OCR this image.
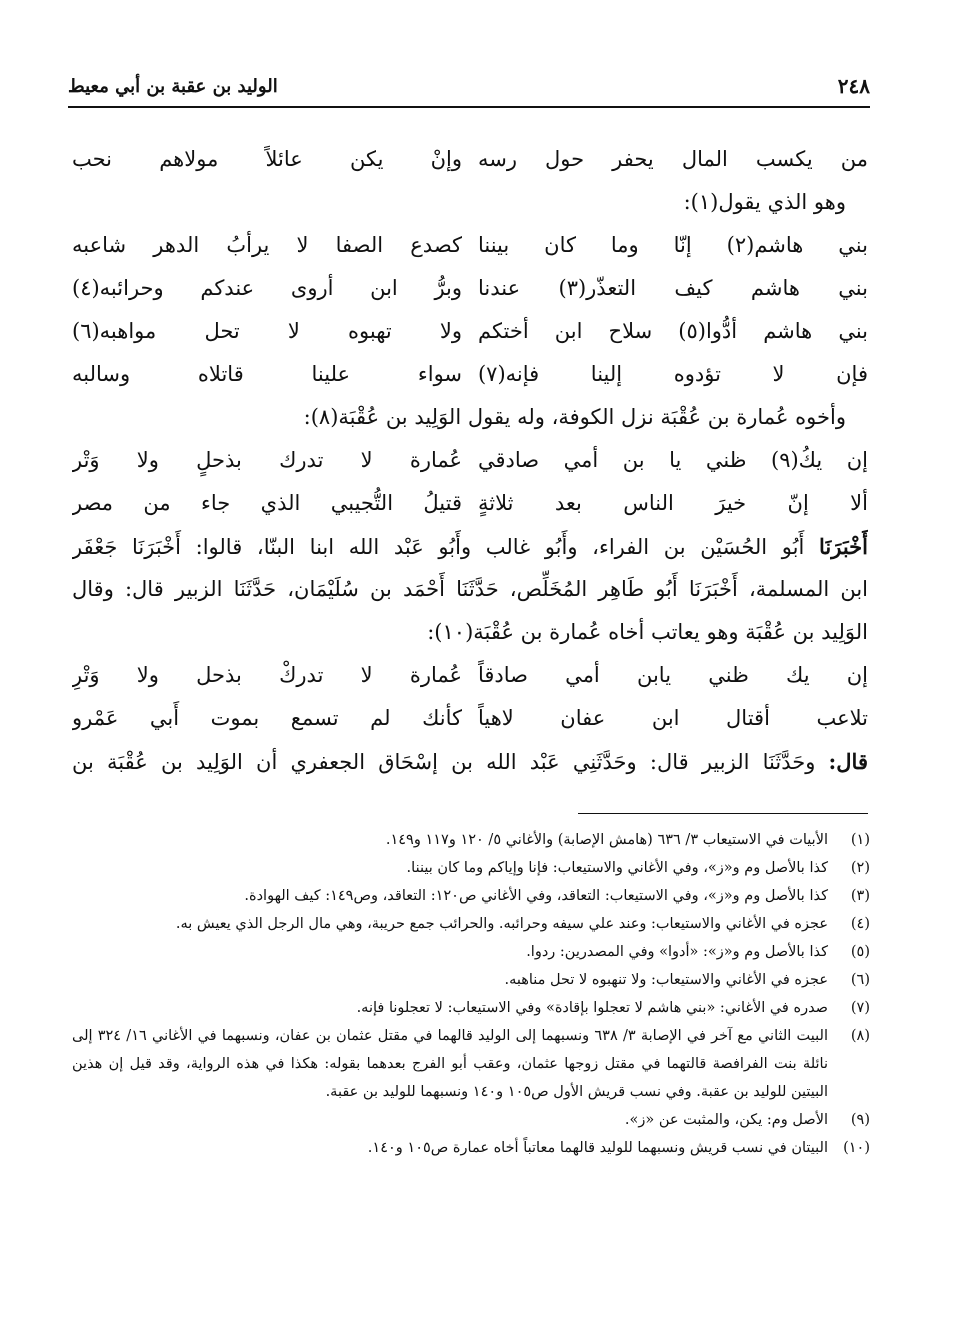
٢٤٨
الوليد بن عقبة بن أبي معيط
من يكسب المال يحفر حول رسه
وإنْ يكن عائلاً مولاهم نحب

وهو الذي يقول(١):

بني هاشم(٢) إنّا وما كان بيننا
كصدع الصفا لا يرأبُ الدهر شاعبه
بني هاشم كيف التعذّر(٣) عندنا
وبرُّ ابن أروى عندكم وحرائبه(٤)
بني هاشم أدُّوا(٥) سلاح ابن أختكم
ولا تهبوه لا تحل مواهبه(٦)
فإن لا تؤدوه إلينا فإنه(٧)
سواء علينا قاتلاه وسالبه

وأخوه عُمارة بن عُقْبَة نزل الكوفة، وله يقول الوَلِيد بن عُقْبَة(٨):

إن يكُ(٩) ظني يا بن أمي صادقي
عُمارة لا تدرك بذحلٍ ولا وَتْر
ألا إنّ خيرَ الناس بعد ثلاثةٍ
قتيلُ التُّجيبي الذي جاء من مصر

أَخْبَرَنَا أَبُو الحُسَيْن بن الفراء، وأَبُو غالب وأَبُو عَبْد الله ابنا البنّا، قالوا: أَخْبَرَنَا جَعْفَر

ابن المسلمة، أَخْبَرَنَا أَبُو طَاهِر المُخَلِّص، حَدَّثَنَا أَحْمَد بن سُلَيْمَان، حَدَّثَنَا الزبير قال: وقال

الوَلِيد بن عُقْبَة وهو يعاتب أخاه عُمارة بن عُقْبَة(١٠):

إن يك ظني يابن أمي صادقاً
عُمارة لا تدركْ بذحل ولا وَتْرِ
تلاعب أقتال ابن عفان لاهياً
كأنك لم تسمع بموت أَبي عَمْرو

قال: وحَدَّثَنَا الزبير قال: وحَدَّثَنِي عَبْد الله بن إسْحَاق الجعفري أن الوَلِيد بن عُقْبَة بن

(١)
الأبيات في الاستيعاب ٣/ ٦٣٦ (هامش الإصابة) والأغاني ٥/ ١٢٠ و١١٧ و١٤٩.
(٢)
كذا بالأصل وم و«ز»، وفي الأغاني والاستيعاب: فإنا وإياكم وما كان بيننا.
(٣)
كذا بالأصل وم و«ز»، وفي الاستيعاب: التعاقد، وفي الأغاني ص١٢٠: التعاقد، وص١٤٩: كيف الهوادة.
(٤)
عجزه في الأغاني والاستيعاب: وعند علي سيفه وحرائبه. والحرائب جمع حريبة، وهي مال الرجل الذي يعيش به.
(٥)
كذا بالأصل وم و«ز»: «أدوا» وفي المصدرين: ردوا.
(٦)
عجزه في الأغاني والاستيعاب: ولا تنهبوه لا تحل مناهبه.
(٧)
صدره في الأغاني: «بني هاشم لا تعجلوا بإقادة» وفي الاستيعاب: لا تعجلونا فإنه.
(٨)
البيت الثاني مع آخر في الإصابة ٣/ ٦٣٨ ونسبهما إلى الوليد قالهما في مقتل عثمان بن عفان، ونسبهما في الأغاني ١٦/ ٣٢٤ إلى نائلة بنت الفرافصة قالتهما في مقتل زوجها عثمان، وعقب أبو الفرج بعدهما بقوله: هكذا في هذه الرواية، وقد قيل إن هذين البيتين للوليد بن عقبة. وفي نسب قريش الأول ص١٠٥ و١٤٠ ونسبهما للوليد بن عقبة.
(٩)
الأصل وم: يكن، والمثبت عن «ز».
(١٠)
البيتان في نسب قريش ونسبهما للوليد قالهما معاتباً أخاه عمارة ص١٠٥ و١٤٠.
